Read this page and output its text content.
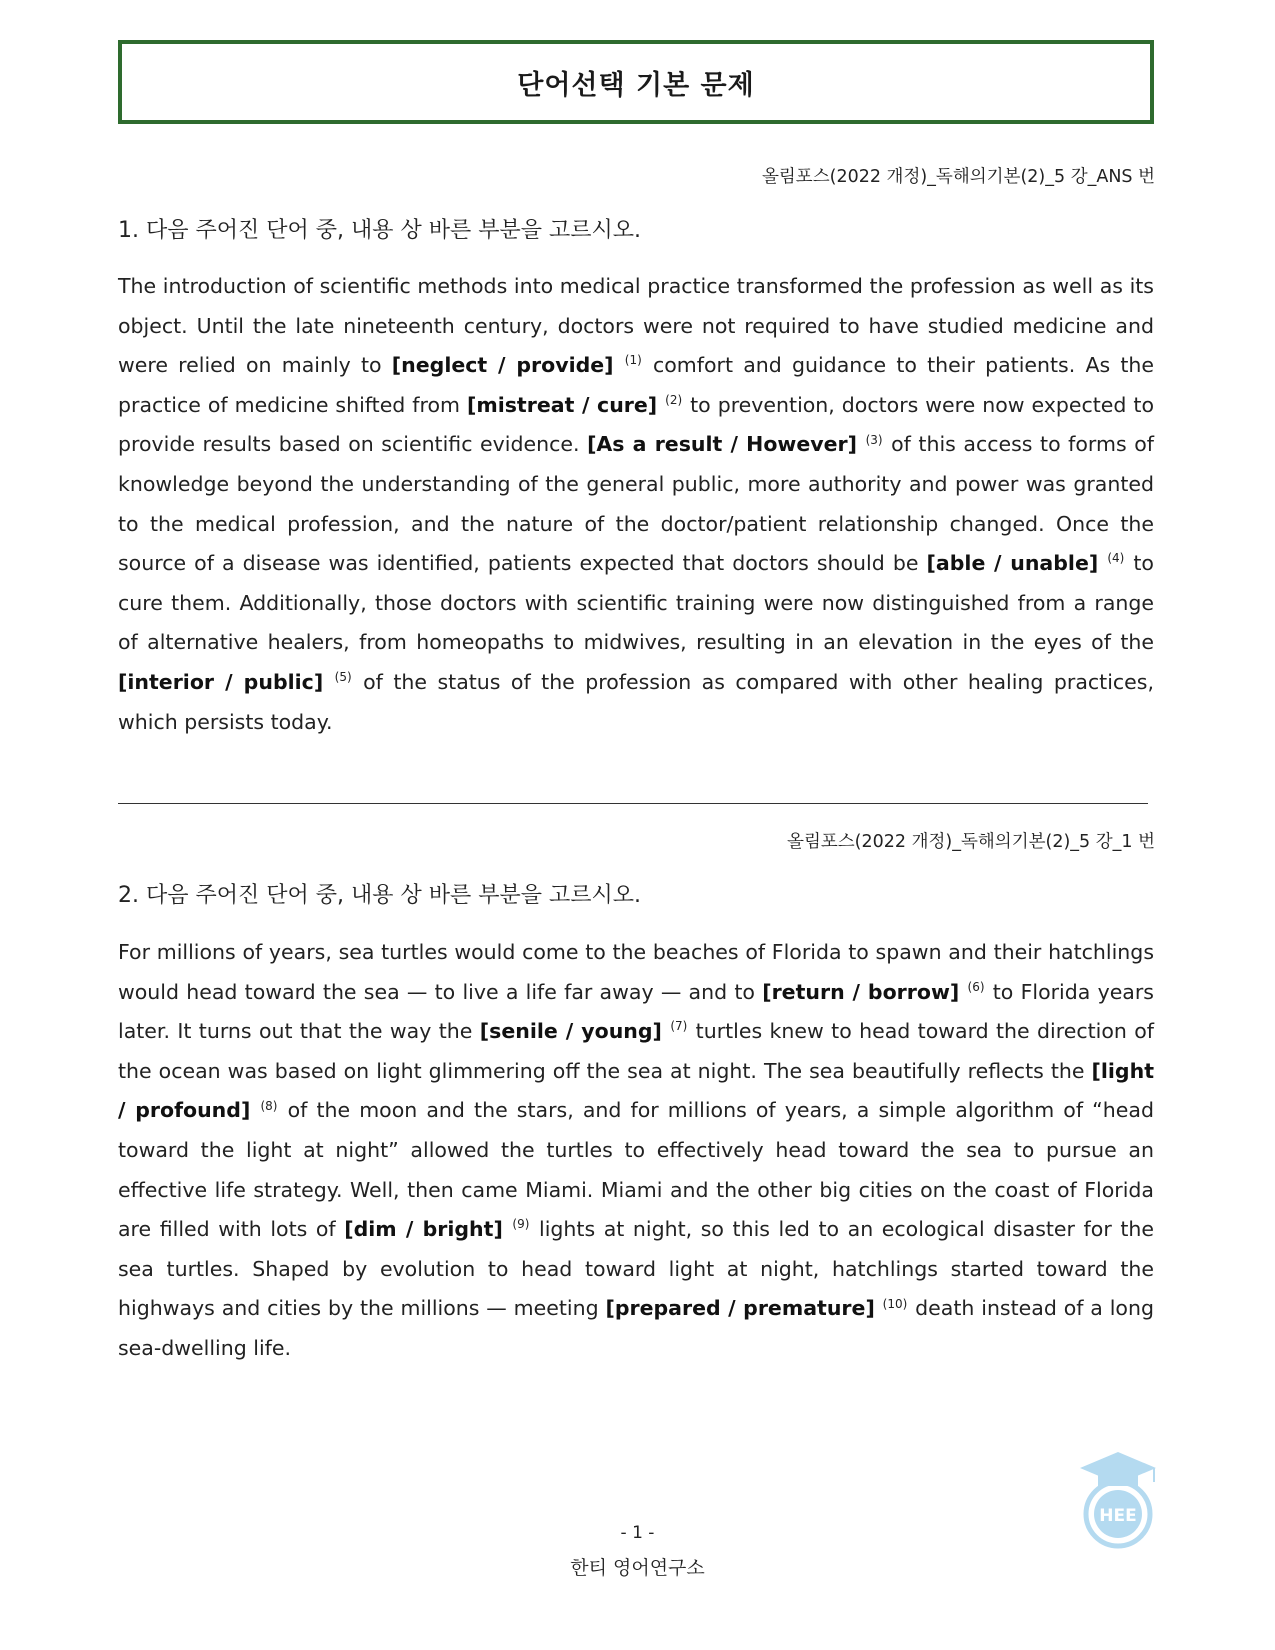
단어선택 기본 문제
올림포스(2022 개정)_독해의기본(2)_5 강_ANS 번
1. 다음 주어진 단어 중, 내용 상 바른 부분을 고르시오.

The introduction of scientific methods into medical practice transformed the profession as well as its object. Until the late nineteenth century, doctors were not required to have studied medicine and were relied on mainly to [neglect / provide] $^{(1)}$ comfort and guidance to their patients. As the practice of medicine shifted from [mistreat / cure] $^{(2)}$ to prevention, doctors were now expected to provide results based on scientific evidence. [As a result / However] $^{(3)}$ of this access to forms of knowledge beyond the understanding of the general public, more authority and power was granted to the medical profession, and the nature of the doctor/patient relationship changed. Once the source of a disease was identified, patients expected that doctors should be [able / unable] $^{(4)}$ to cure them. Additionally, those doctors with scientific training were now distinguished from a range of alternative healers, from homeopaths to midwives, resulting in an elevation in the eyes of the [interior / public] $^{(5)}$ of the status of the profession as compared with other healing practices, which persists today.

올림포스(2022 개정)_독해의기본(2)_5 강_1 번
2. 다음 주어진 단어 중, 내용 상 바른 부분을 고르시오.

For millions of years, sea turtles would come to the beaches of Florida to spawn and their hatchlings would head toward the sea — to live a life far away — and to [return / borrow] $^{(6)}$ to Florida years later. It turns out that the way the [senile / young] $^{(7)}$ turtles knew to head toward the direction of the ocean was based on light glimmering off the sea at night. The sea beautifully reflects the [light / profound] $^{(8)}$ of the moon and the stars, and for millions of years, a simple algorithm of “head toward the light at night” allowed the turtles to effectively head toward the sea to pursue an effective life strategy. Well, then came Miami. Miami and the other big cities on the coast of Florida are filled with lots of [dim / bright] $^{(9)}$ lights at night, so this led to an ecological disaster for the sea turtles. Shaped by evolution to head toward light at night, hatchlings started toward the highways and cities by the millions — meeting [prepared / premature] $^{(10)}$ death instead of a long sea-dwelling life.

HEE
- 1 -
한티 영어연구소
